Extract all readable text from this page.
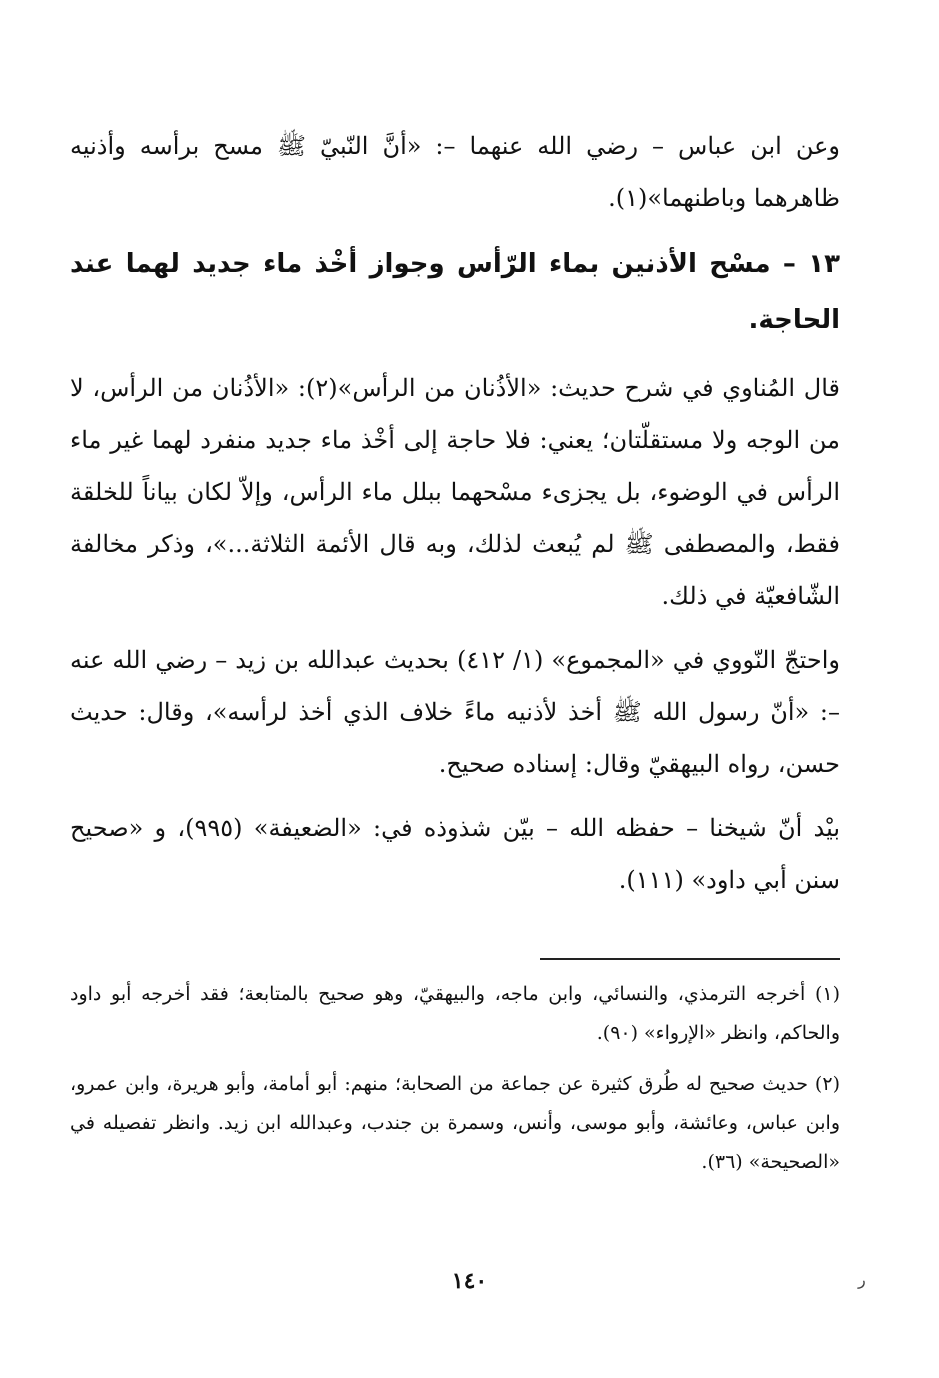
وعن ابن عباس – رضي الله عنهما –: «أنَّ النّبيّ ﷺ مسح برأسه وأذنيه ظاهرهما وباطنهما»(١).

١٣ – مسْح الأذنين بماء الرّأس وجواز أخْذ ماء جديد لهما عند الحاجة.

قال المُناوي في شرح حديث: «الأذُنان من الرأس»(٢): «الأذُنان من الرأس، لا من الوجه ولا مستقلّتان؛ يعني: فلا حاجة إلى أخْذ ماء جديد منفرد لهما غير ماء الرأس في الوضوء، بل يجزىء مسْحهما ببلل ماء الرأس، وإلاّ لكان بياناً للخلقة فقط، والمصطفى ﷺ لم يُبعث لذلك، وبه قال الأئمة الثلاثة...»، وذكر مخالفة الشّافعيّة في ذلك.

واحتجّ النّووي في «المجموع» (١/ ٤١٢) بحديث عبدالله بن زيد – رضي الله عنه –: «أنّ رسول الله ﷺ أخذ لأذنيه ماءً خلاف الذي أخذ لرأسه»، وقال: حديث حسن، رواه البيهقيّ وقال: إسناده صحيح.

بيْد أنّ شيخنا – حفظه الله – بيّن شذوذه في: «الضعيفة» (٩٩٥)، و «صحيح سنن أبي داود» (١١١).

(١) أخرجه الترمذي، والنسائي، وابن ماجه، والبيهقيّ، وهو صحيح بالمتابعة؛ فقد أخرجه أبو داود والحاكم، وانظر «الإرواء» (٩٠).

(٢) حديث صحيح له طُرق كثيرة عن جماعة من الصحابة؛ منهم: أبو أمامة، وأبو هريرة، وابن عمرو، وابن عباس، وعائشة، وأبو موسى، وأنس، وسمرة بن جندب، وعبدالله ابن زيد. وانظر تفصيله في «الصحيحة» (٣٦).

١٤٠	ر
